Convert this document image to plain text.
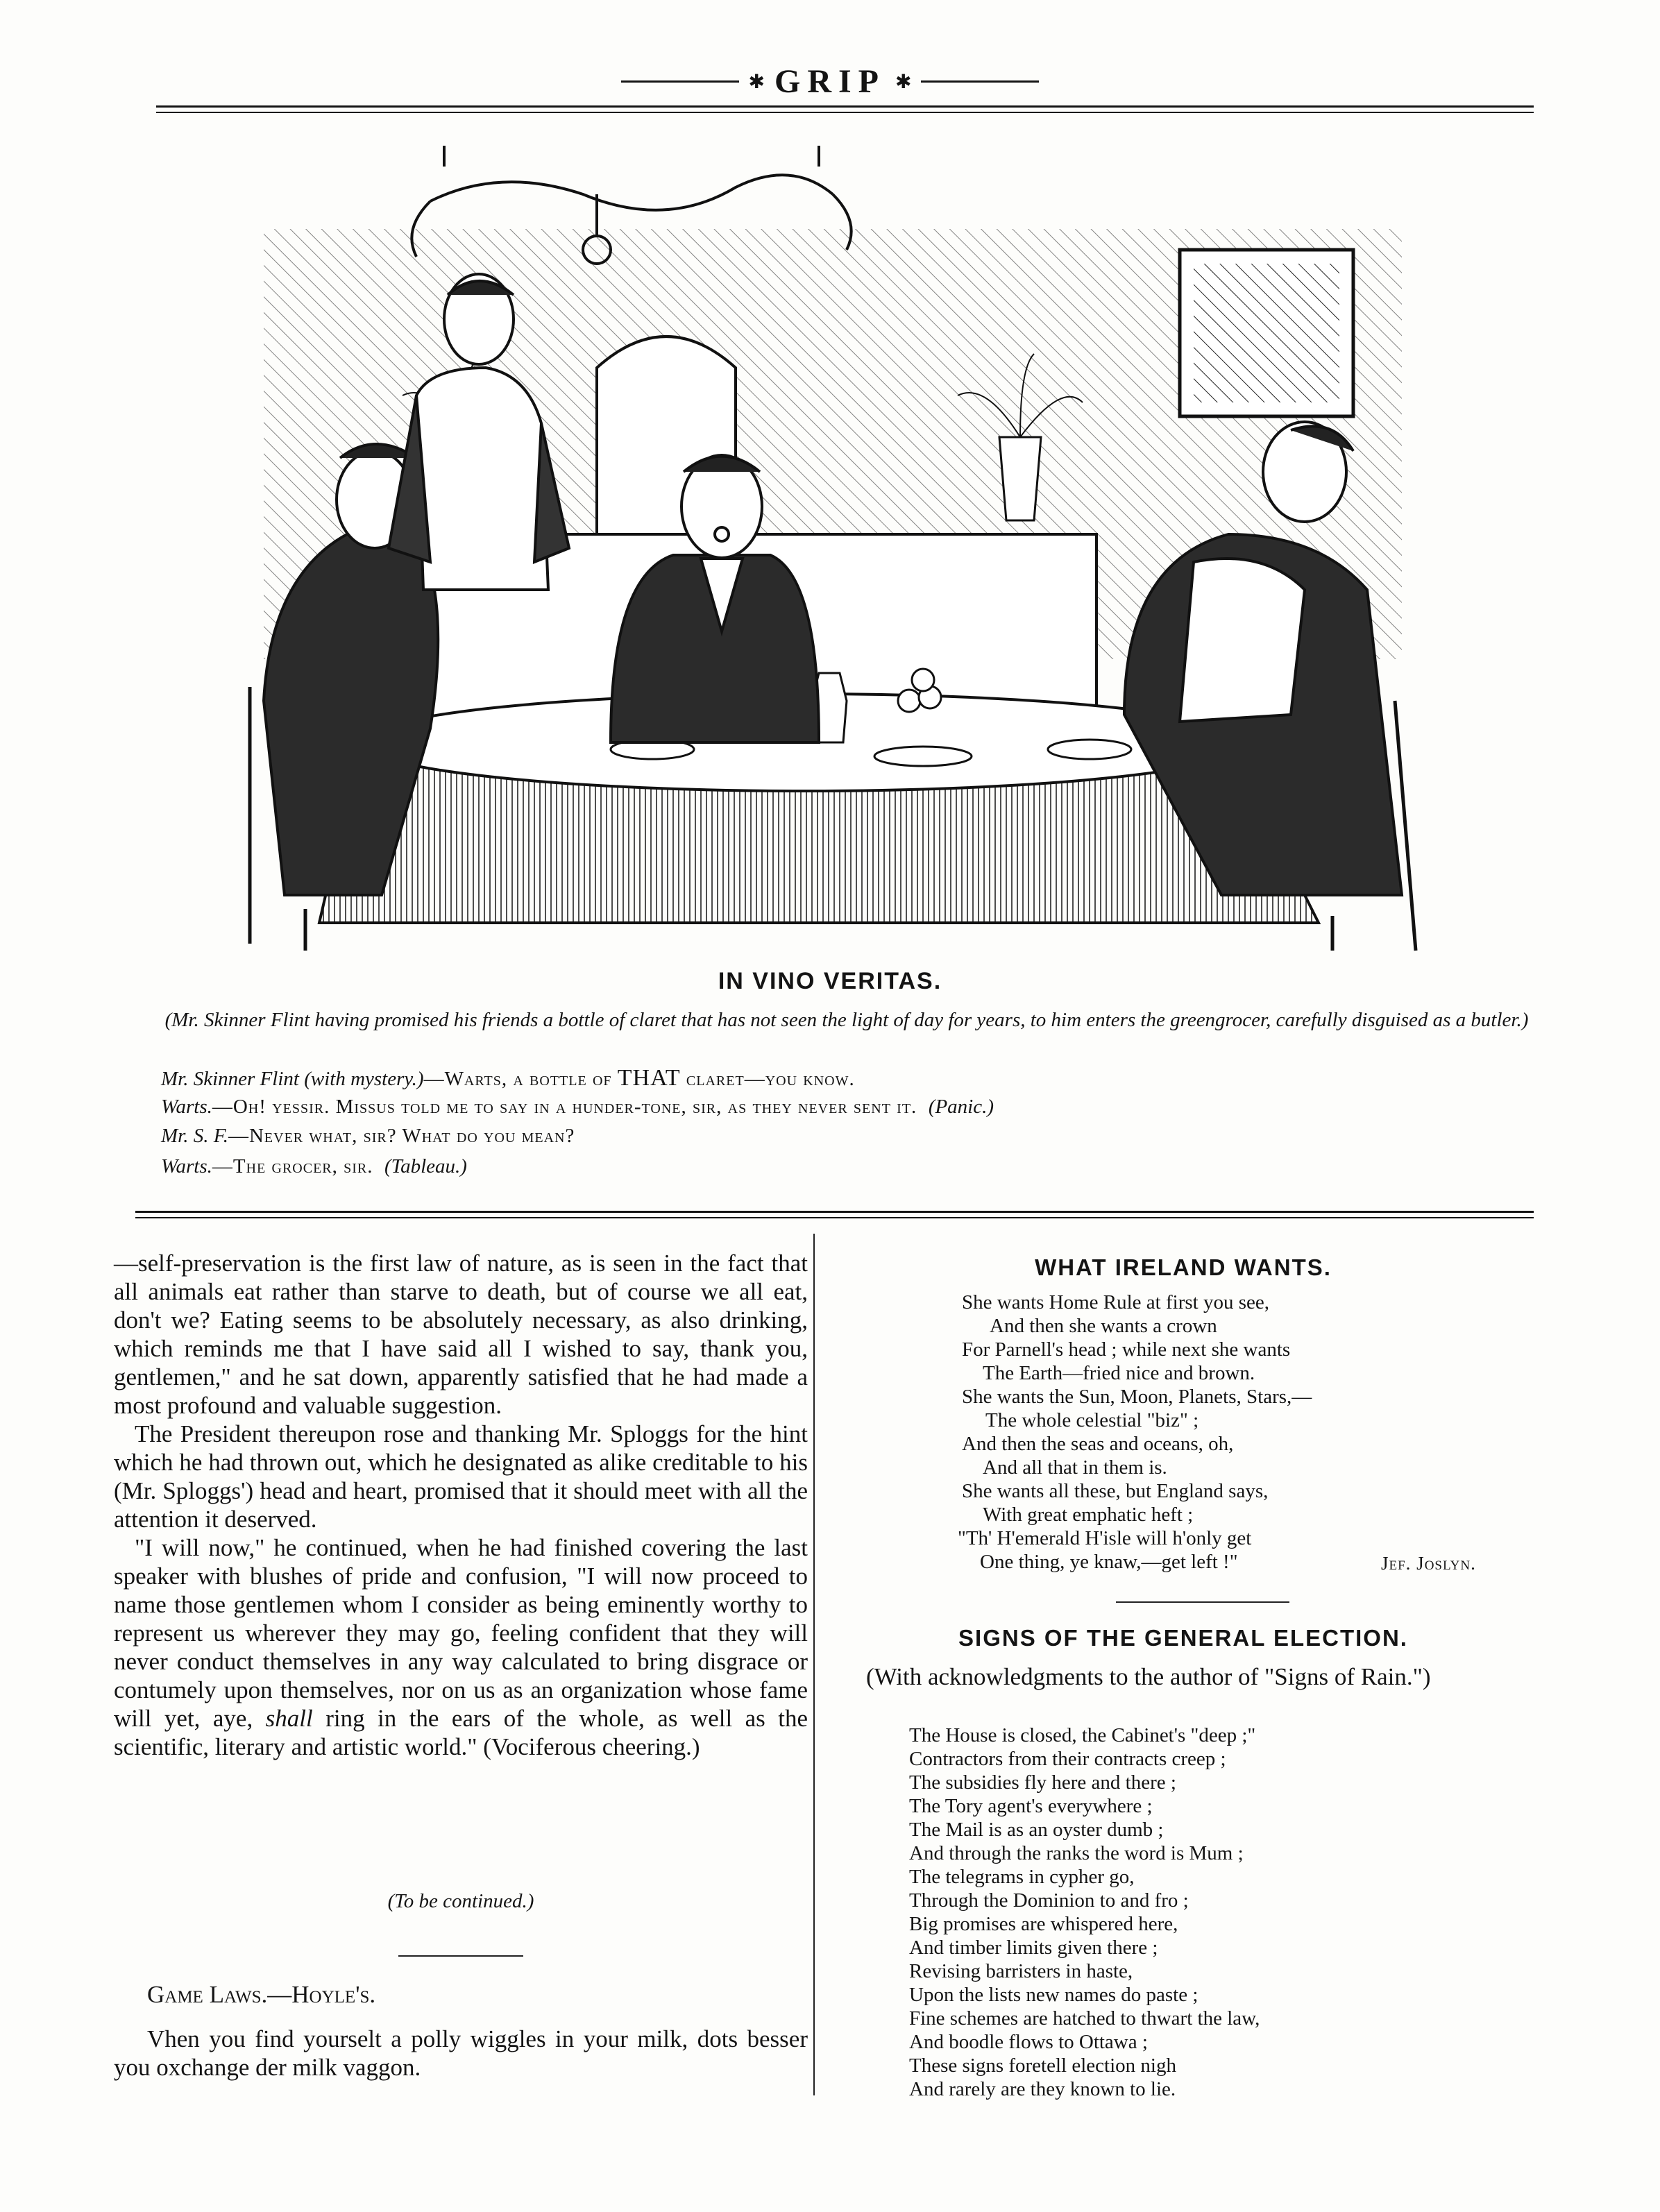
✱ GRIP ✱
IN VINO VERITAS.
(Mr. Skinner Flint having promised his friends a bottle of claret that has not seen the light of day for years, to him enters the greengrocer, carefully disguised as a butler.)
Mr. Skinner Flint (with mystery.)—Warts, a bottle of THAT claret—you know.
Warts.—Oh! yessir. Missus told me to say in a hunder-tone, sir, as they never sent it. (Panic.)
Mr. S. F.—Never what, sir? What do you mean?
Warts.—The grocer, sir. (Tableau.)

—self-preservation is the first law of nature, as is seen in the fact that all animals eat rather than starve to death, but of course we all eat, don't we? Eating seems to be absolutely necessary, as also drinking, which reminds me that I have said all I wished to say, thank you, gentlemen," and he sat down, apparently satisfied that he had made a most profound and valuable suggestion.

The President thereupon rose and thanking Mr. Sploggs for the hint which he had thrown out, which he designated as alike creditable to his (Mr. Sploggs') head and heart, promised that it should meet with all the attention it deserved.

"I will now," he continued, when he had finished covering the last speaker with blushes of pride and confusion, "I will now proceed to name those gentlemen whom I consider as being eminently worthy to represent us wherever they may go, feeling confident that they will never conduct themselves in any way calculated to bring disgrace or contumely upon themselves, nor on us as an organization whose fame will yet, aye, shall ring in the ears of the whole, as well as the scientific, literary and artistic world." (Vociferous cheering.)

(To be continued.)
Game Laws.—Hoyle's.
Vhen you find yourselt a polly wiggles in your milk, dots besser you oxchange der milk vaggon.
WHAT IRELAND WANTS.
She wants Home Rule at first you see,
And then she wants a crown
For Parnell's head ; while next she wants
The Earth—fried nice and brown.
She wants the Sun, Moon, Planets, Stars,—
The whole celestial "biz" ;
And then the seas and oceans, oh,
And all that in them is.
She wants all these, but England says,
With great emphatic heft ;
"Th' H'emerald H'isle will h'only get
One thing, ye knaw,—get left !"	Jef. Joslyn.
SIGNS OF THE GENERAL ELECTION.
(With acknowledgments to the author of "Signs of Rain.")
The House is closed, the Cabinet's "deep ;"
Contractors from their contracts creep ;
The subsidies fly here and there ;
The Tory agent's everywhere ;
The Mail is as an oyster dumb ;
And through the ranks the word is Mum ;
The telegrams in cypher go,
Through the Dominion to and fro ;
Big promises are whispered here,
And timber limits given there ;
Revising barristers in haste,
Upon the lists new names do paste ;
Fine schemes are hatched to thwart the law,
And boodle flows to Ottawa ;
These signs foretell election nigh
And rarely are they known to lie.
